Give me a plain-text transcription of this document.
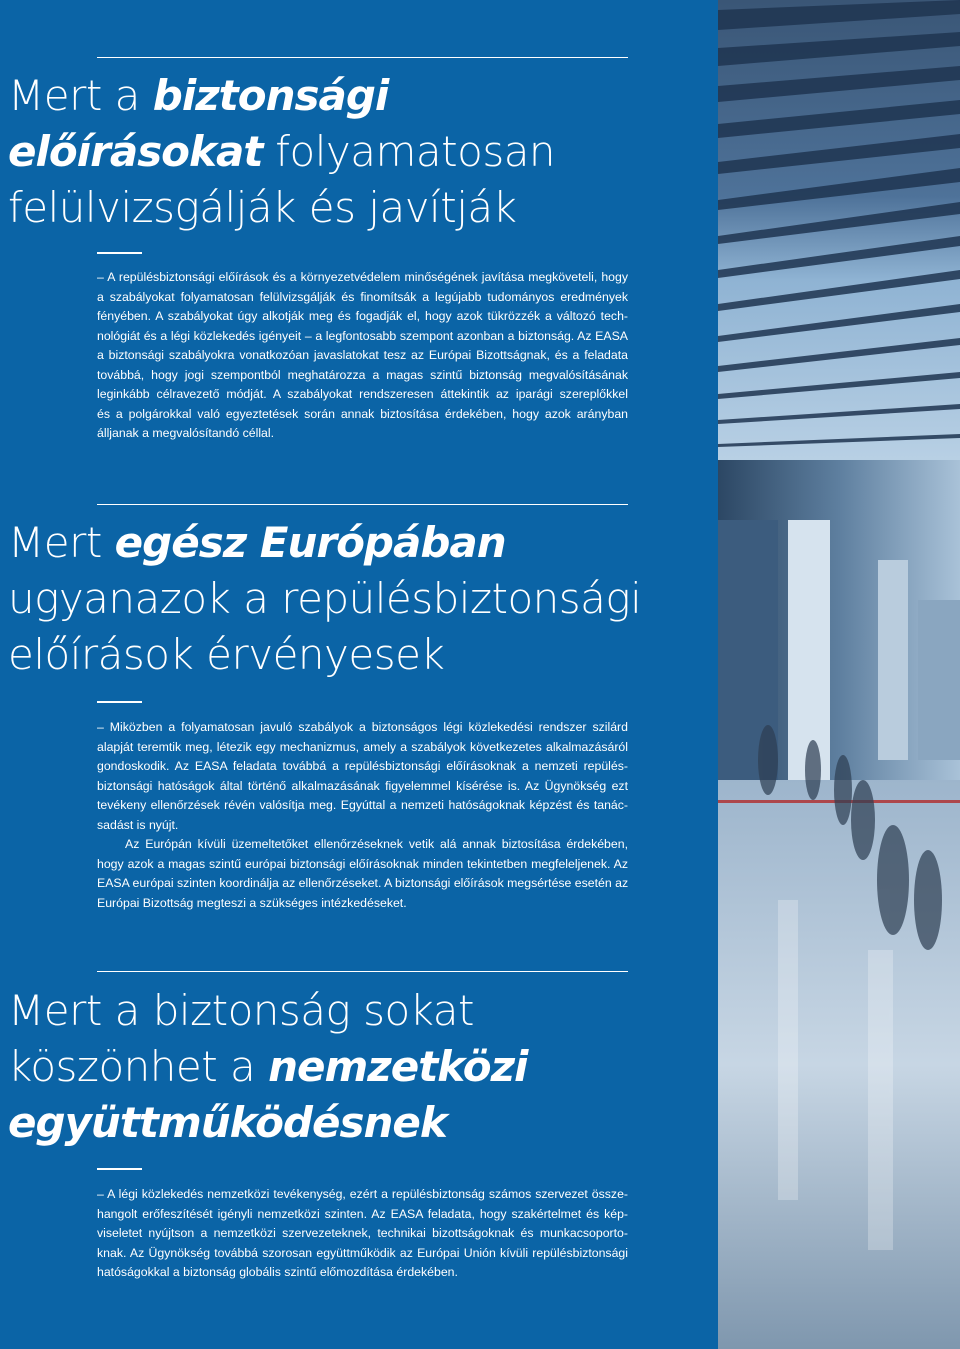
Mert a biztonsági
előírásokat folyamatosan
felülvizsgálják és javítják
– A repülésbiztonsági előírások és a környezetvédelem minőségének javítása megköveteli, hogy
a szabályokat folyamatosan felülvizsgálják és finomítsák a legújabb tudományos eredmények
fényében. A szabályokat úgy alkotják meg és fogadják el, hogy azok tükrözzék a változó tech-
nológiát és a légi közlekedés igényeit – a legfontosabb szempont azonban a biztonság. Az EASA
a biztonsági szabályokra vonatkozóan javaslatokat tesz az Európai Bizottságnak, és a feladata
továbbá, hogy jogi szempontból meghatározza a magas szintű biztonság megvalósításának
leginkább célravezető módját. A szabályokat rendszeresen áttekintik az iparági szereplőkkel
és a polgárokkal való egyeztetések során annak biztosítása érdekében, hogy azok arányban
álljanak a megvalósítandó céllal.
Mert egész Európában
ugyanazok a repülésbiztonsági
előírások érvényesek
– Miközben a folyamatosan javuló szabályok a biztonságos légi közlekedési rendszer szilárd
alapját teremtik meg, létezik egy mechanizmus, amely a szabályok következetes alkalmazásáról
gondoskodik. Az EASA feladata továbbá a repülésbiztonsági előírásoknak a nemzeti repülés-
biztonsági hatóságok által történő alkalmazásának figyelemmel kísérése is. Az Ügynökség ezt
tevékeny ellenőrzések révén valósítja meg. Egyúttal a nemzeti hatóságoknak képzést és tanác-
sadást is nyújt.
Az Európán kívüli üzemeltetőket ellenőrzéseknek vetik alá annak biztosítása érdekében,
hogy azok a magas szintű európai biztonsági előírásoknak minden tekintetben megfeleljenek. Az
EASA európai szinten koordinálja az ellenőrzéseket. A biztonsági előírások megsértése esetén az
Európai Bizottság megteszi a szükséges intézkedéseket.
Mert a biztonság sokat
köszönhet a nemzetközi
együttműködésnek
– A légi közlekedés nemzetközi tevékenység, ezért a repülésbiztonság számos szervezet össze-
hangolt erőfeszítését igényli nemzetközi szinten. Az EASA feladata, hogy szakértelmet és kép-
viseletet nyújtson a nemzetközi szervezeteknek, technikai bizottságoknak és munkacsoporto-
knak. Az Ügynökség továbbá szorosan együttműködik az Európai Unión kívüli repülésbiztonsági
hatóságokkal a biztonság globális szintű előmozdítása érdekében.
